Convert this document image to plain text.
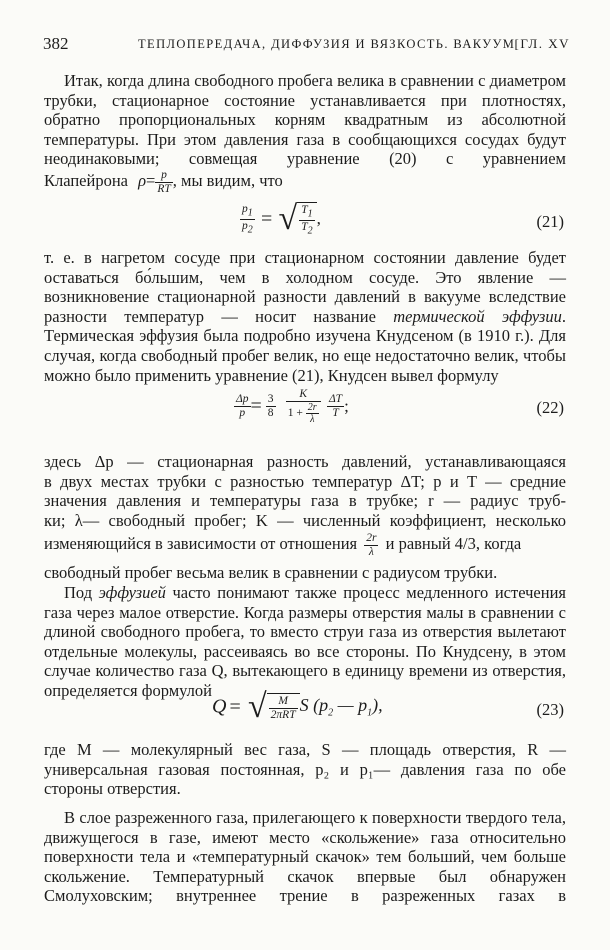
382	ТЕПЛОПЕРЕДАЧА, ДИФФУЗИЯ И ВЯЗКОСТЬ. ВАКУУМ [ГЛ. XV
Итак, когда длина свободного пробега велика в сравнении с диаметром трубки, стационарное состояние устанавливается при плотностях, обратно пропорциональных корням квадратным из абсолютной температуры. При этом давления газа в сообщающихся сосудах будут неодинаковыми; совмещая уравнение (20) с уравнением
Клапейрона $\rho= \frac{p}{RT}$ , мы видим, что
$\frac{p_1}{p_2}$ = √ $\frac{T_1}{T_2}$ ,	(21)
т. е. в нагретом сосуде при стационарном состоянии давление будет оставаться бо́льшим, чем в холодном сосуде. Это явление — возникновение стационарной разности давлений в вакууме вследствие разности температур — носит название термической эффузии. Термическая эффузия была подробно изучена Кнудсеном (в 1910 г.). Для случая, когда свободный пробег велик, но еще недостаточно велик, чтобы можно было применить уравнение (21), Кнудсен вывел формулу
$\frac{\Delta p}{p} = \frac{3}{8}$
$\frac{K}{1 + \frac{2r}{\lambda}}$
$\frac{\Delta T}{T}$ ;	(22)
здесь Δp — стационарная разность давлений, устанавливающаяся
в двух местах трубки с разностью температур ΔT; p и T — средние
значения давления и температуры газа в трубке; r — радиус труб-
ки; λ— свободный пробег; K — численный коэффициент, несколько
изменяющийся в зависимости от отношения $\frac{2r}{\lambda}$ и равный 4/3, когда
свободный пробег весьма велик в сравнении с радиусом трубки.
Под эффузией часто понимают также процесс медленного истечения газа через малое отверстие. Когда размеры отверстия малы в сравнении с длиной свободного пробега, то вместо струи газа из отверстия вылетают отдельные молекулы, рассеиваясь во все стороны. По Кнудсену, в этом случае количество газа Q, вытекающего в единицу времени из отверстия, определяется формулой
Q = √ $\frac{M}{\text{2πRT}}$ S ($p_2$ — $p_1$),	(23)
где M — молекулярный вес газа, S — площадь отверстия, R — универсальная газовая постоянная, p₂ и p₁— давления газа по обе стороны отверстия.
В слое разреженного газа, прилегающего к поверхности твердого тела, движущегося в газе, имеют место «скольжение» газа относительно поверхности тела и «температурный скачок» тем больший, чем больше скольжение. Температурный скачок впервые был обнаружен Смолуховским; внутреннее трение в разреженных газах в
